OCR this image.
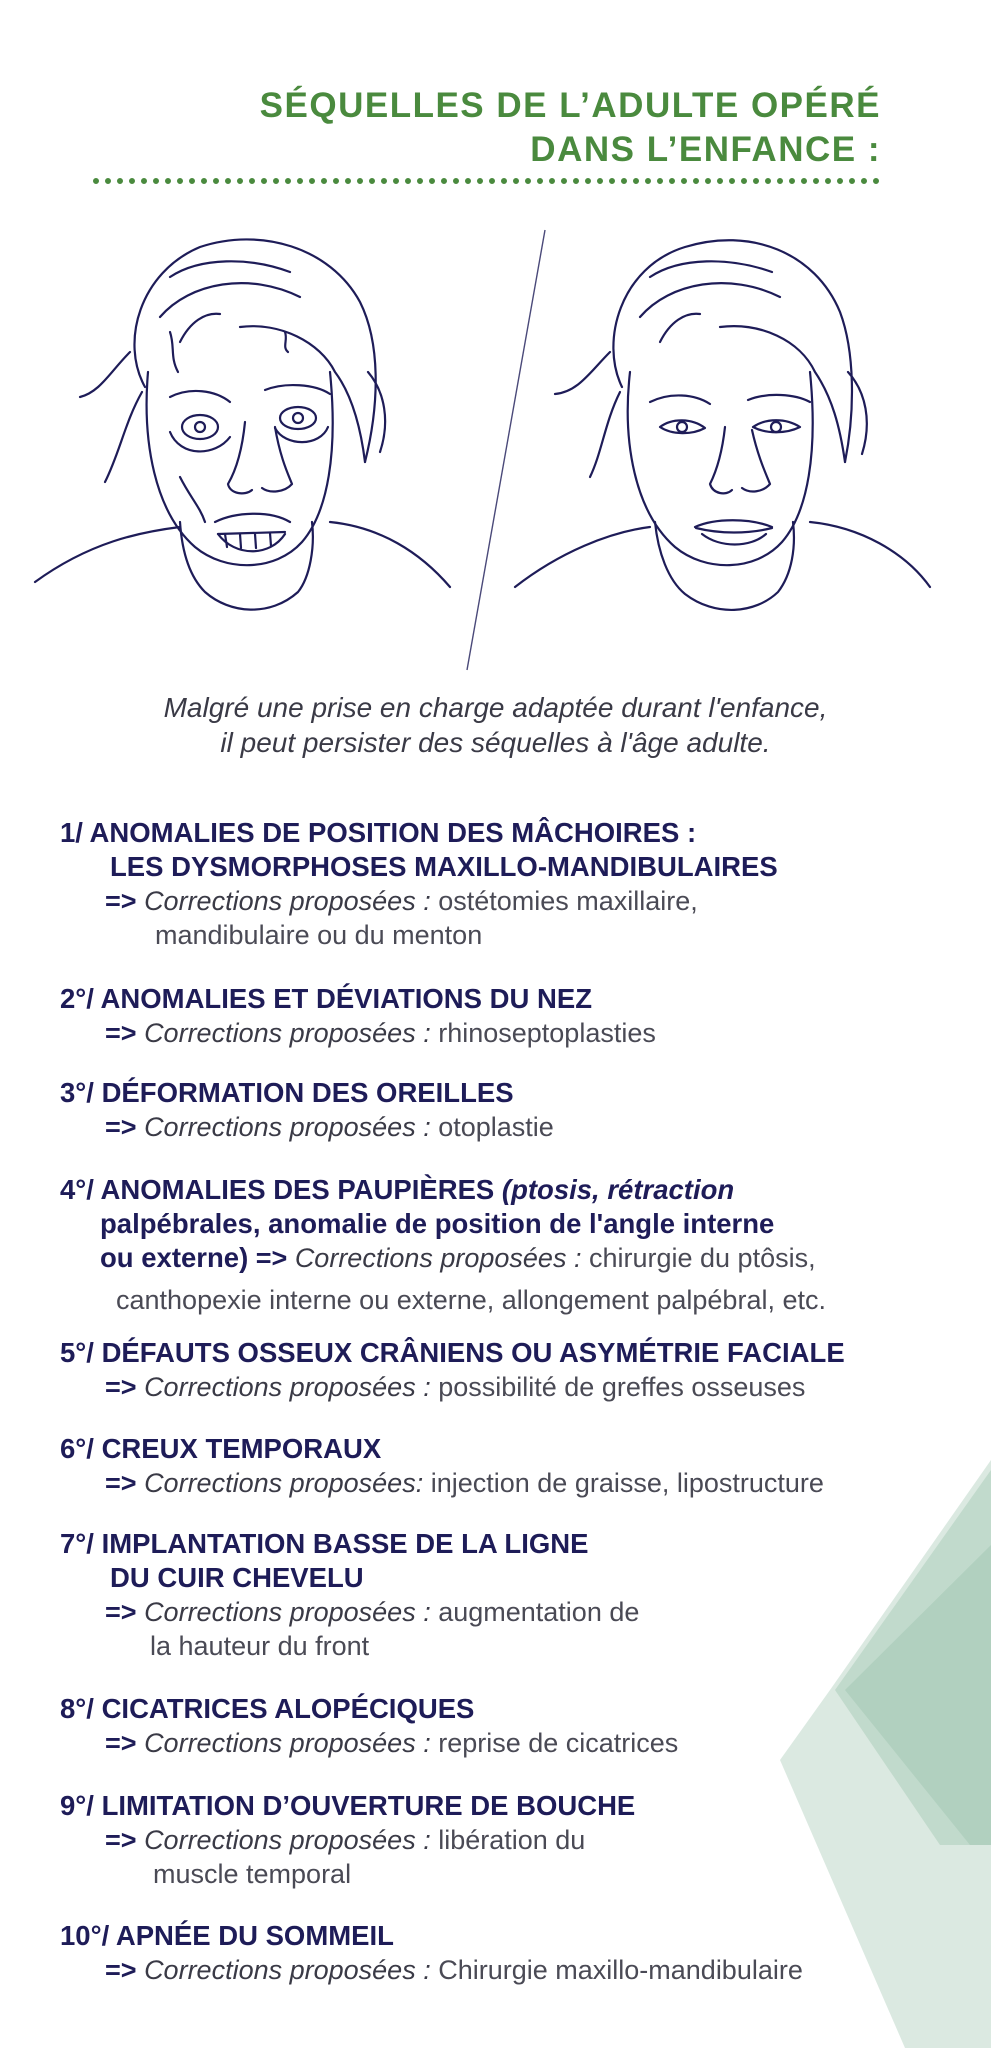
SÉQUELLES DE L’ADULTE OPÉRÉ
DANS L’ENFANCE :
Malgré une prise en charge adaptée durant l'enfance,
il peut persister des séquelles à l'âge adulte.
1/ ANOMALIES DE POSITION DES MÂCHOIRES :
LES DYSMORPHOSES MAXILLO-MANDIBULAIRES
=> Corrections proposées : ostétomies maxillaire,
mandibulaire ou du menton
2°/ ANOMALIES ET DÉVIATIONS DU NEZ
=> Corrections proposées : rhinoseptoplasties
3°/ DÉFORMATION DES OREILLES
=> Corrections proposées : otoplastie
4°/ ANOMALIES DES PAUPIÈRES (ptosis, rétraction
palpébrales, anomalie de position de l'angle interne
ou externe) => Corrections proposées : chirurgie du ptôsis,
canthopexie interne ou externe, allongement palpébral, etc.
5°/ DÉFAUTS OSSEUX CRÂNIENS OU ASYMÉTRIE FACIALE
=> Corrections proposées : possibilité de greffes osseuses
6°/ CREUX TEMPORAUX
=> Corrections proposées: injection de graisse, lipostructure
7°/ IMPLANTATION BASSE DE LA LIGNE
DU CUIR CHEVELU
=> Corrections proposées : augmentation de
la hauteur du front
8°/ CICATRICES ALOPÉCIQUES
=> Corrections proposées : reprise de cicatrices
9°/ LIMITATION D’OUVERTURE DE BOUCHE
=> Corrections proposées : libération du
muscle temporal
10°/ APNÉE DU SOMMEIL
=> Corrections proposées : Chirurgie maxillo-mandibulaire
